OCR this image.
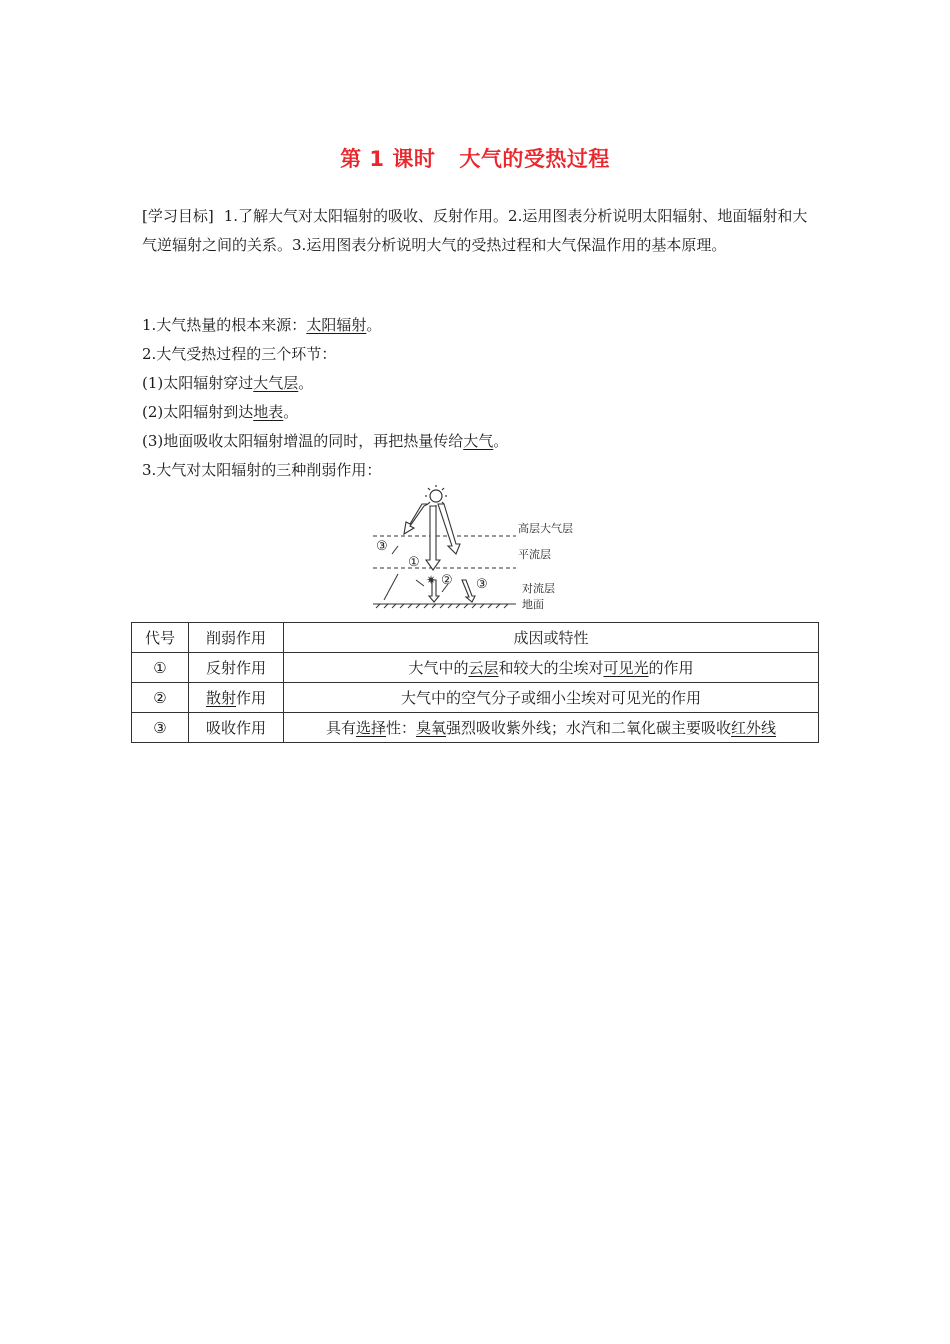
第 1 课时 大气的受热过程
[学习目标] 1.了解大气对太阳辐射的吸收、反射作用。2.运用图表分析说明太阳辐射、地面辐射和大气逆辐射之间的关系。3.运用图表分析说明大气的受热过程和大气保温作用的基本原理。
1.大气热量的根本来源：太阳辐射。
2.大气受热过程的三个环节：
(1)太阳辐射穿过大气层。
(2)太阳辐射到达地表。
(3)地面吸收太阳辐射增温的同时，再把热量传给大气。
3.大气对太阳辐射的三种削弱作用：
✷
③
①
② ③
高层大气层
平流层
对流层
地面
代号	削弱作用	成因或特性
①	反射作用	大气中的云层和较大的尘埃对可见光的作用
②	散射作用	大气中的空气分子或细小尘埃对可见光的作用
③	吸收作用	具有选择性：臭氧强烈吸收紫外线；水汽和二氧化碳主要吸收红外线
